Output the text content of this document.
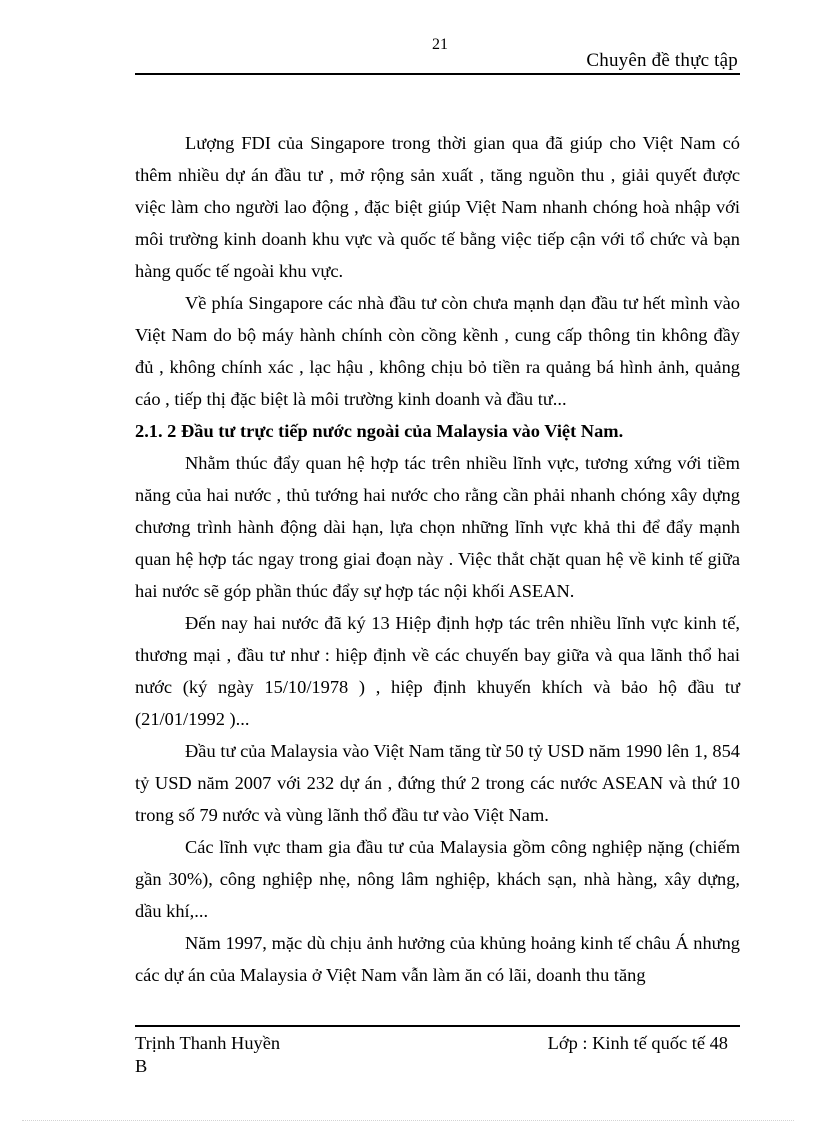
21
Chuyên đề thực tập

Lượng FDI của Singapore trong thời gian qua đã giúp cho Việt Nam có thêm nhiều dự án đầu tư , mở rộng sản xuất , tăng nguồn thu , giải quyết được việc làm cho người lao động , đặc biệt giúp Việt Nam nhanh chóng hoà nhập với môi trường kinh doanh khu vực và quốc tế bằng việc tiếp cận với tổ chức và bạn hàng quốc tế ngoài khu vực.

Về phía Singapore các nhà đầu tư còn chưa mạnh dạn đầu tư hết mình vào Việt Nam do bộ máy hành chính còn cồng kềnh , cung cấp thông tin không đầy đủ , không chính xác , lạc hậu , không chịu bỏ tiền ra quảng bá hình ảnh, quảng cáo , tiếp thị đặc biệt là môi trường kinh doanh và đầu tư...

2.1. 2 Đầu tư trực tiếp nước ngoài của Malaysia vào Việt Nam.

Nhằm thúc đẩy quan hệ hợp tác trên nhiều lĩnh vực, tương xứng với tiềm năng của hai nước , thủ tướng hai nước cho rằng cần phải nhanh chóng xây dựng chương trình hành động dài hạn, lựa chọn những lĩnh vực khả thi để đẩy mạnh quan hệ hợp tác ngay trong giai đoạn này . Việc thắt chặt quan hệ về kinh tế giữa hai nước sẽ góp phần thúc đẩy sự hợp tác nội khối ASEAN.

Đến nay hai nước đã ký 13 Hiệp định hợp tác trên nhiều lĩnh vực kinh tế, thương mại , đầu tư như : hiệp định về các chuyến bay giữa và qua lãnh thổ hai nước (ký ngày 15/10/1978 ) , hiệp định khuyến khích và bảo hộ đầu tư (21/01/1992 )...

Đầu tư của Malaysia vào Việt Nam tăng từ 50 tỷ USD năm 1990 lên 1, 854 tỷ USD năm 2007 với 232 dự án , đứng thứ 2 trong các nước ASEAN và thứ 10 trong số 79 nước và vùng lãnh thổ đầu tư vào Việt Nam.

Các lĩnh vực tham gia đầu tư của Malaysia gồm công nghiệp nặng (chiếm gần 30%), công nghiệp nhẹ, nông lâm nghiệp, khách sạn, nhà hàng, xây dựng, dầu khí,...

Năm 1997, mặc dù chịu ảnh hưởng của khủng hoảng kinh tế châu Á nhưng các dự án của Malaysia ở Việt Nam vẫn làm ăn có lãi, doanh thu tăng

Trịnh Thanh Huyền	Lớp : Kinh tế quốc tế 48
B
